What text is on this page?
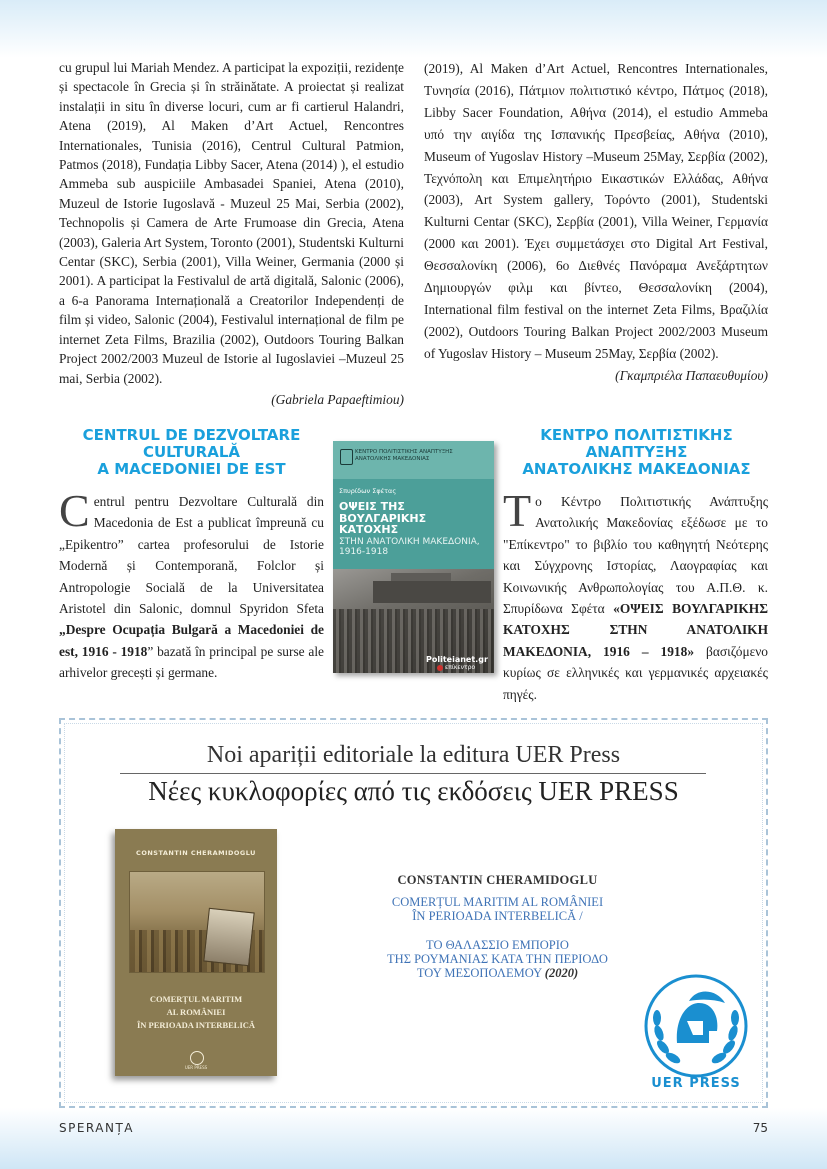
cu grupul lui Mariah Mendez. A participat la expoziții, rezidențe și spectacole în Grecia și în străinătate. A proiectat și realizat instalații in situ în diverse locuri, cum ar fi cartierul Halandri, Atena (2019), Al Maken d’Art Actuel, Rencontres Internationales, Tunisia (2016), Centrul Cultural Patmion, Patmos (2018), Fundația Libby Sacer, Atena (2014) ), el estudio Ammeba sub auspiciile Ambasadei Spaniei, Atena (2010), Muzeul de Istorie Iugoslavă - Muzeul 25 Mai, Serbia (2002), Technopolis și Camera de Arte Frumoase din Grecia, Atena (2003), Galeria Art System, Toronto (2001), Studentski Kulturni Centar (SKC), Serbia (2001), Villa Weiner, Germania (2000 și 2001). A participat la Festivalul de artă digitală, Salonic (2006), a 6-a Panorama Internațională a Creatorilor Independenți de film și video, Salonic (2004), Festivalul internațional de film pe internet Zeta Films, Brazilia (2002), Outdoors Touring Balkan Project 2002/2003 Muzeul de Istorie al Iugoslaviei –Muzeul 25 mai, Serbia (2002).

(Gabriela Papaeftimiou)

(2019), Al Maken d’Art Actuel, Rencontres Internationales, Τυνησία (2016), Πάτμιον πολιτιστικό κέντρο, Πάτμος (2018), Libby Sacer Foundation, Αθήνα (2014), el estudio Ammeba υπό την αιγίδα της Ισπανικής Πρεσβείας, Αθήνα (2010), Museum of Yugoslav History –Museum 25May, Σερβία (2002), Τεχνόπολη και Επιμελητήριο Εικαστικών Ελλάδας, Αθήνα (2003), Art System gallery, Τορόντο (2001), Studentski Kulturni Centar (SKC), Σερβία (2001), Villa Weiner, Γερμανία (2000 και 2001). Έχει συμμετάσχει στο Digital Art Festival, Θεσσαλονίκη (2006), 6ο Διεθνές Πανόραμα Ανεξάρτητων Δημιουργών φιλμ και βίντεο, Θεσσαλονίκη (2004), International film festival on the internet Zeta Films, Βραζιλία (2002), Outdoors Touring Balkan Project 2002/2003 Museum of Yugoslav History – Museum 25May, Σερβία (2002).

(Γκαμπριέλα Παπαευθυμίου)
CENTRUL DE DEZVOLTARE
CULTURALĂ
A MACEDONIEI DE EST
Centrul pentru Dezvoltare Culturală din Macedonia de Est a publicat împreună cu „Epikentro” cartea profesorului de Istorie Modernă și Contemporană, Folclor și Antropologie Socială de la Universitatea Aristotel din Salonic, domnul Spyridon Sfeta „Despre Ocupația Bulgară a Macedoniei de est, 1916 - 1918” bazată în principal pe surse ale arhivelor grecești și germane.
ΚΕΝΤΡΟ ΠΟΛΙΤΙΣΤΙΚΗΣ ΑΝΑΠΤΥΞΗΣ ΑΝΑΤΟΛΙΚΗΣ ΜΑΚΕΔΟΝΙΑΣ
Σπυρίδων Σφέτας
ΟΨΕΙΣ ΤΗΣ ΒΟΥΛΓΑΡΙΚΗΣ ΚΑΤΟΧΗΣ
ΣΤΗΝ ΑΝΑΤΟΛΙΚΗ ΜΑΚΕΔΟΝΙΑ, 1916-1918
Politeianet.gr
επίκεντρο
ΚΕΝΤΡΟ ΠΟΛΙΤΙΣΤΙΚΗΣ
ΑΝΑΠΤΥΞΗΣ
ΑΝΑΤΟΛΙΚΗΣ ΜΑΚΕΔΟΝΙΑΣ
Το Κέντρο Πολιτιστικής Ανάπτυξης Ανατολικής Μακεδονίας εξέδωσε με το "Επίκεντρο" το βιβλίο του καθηγητή Νεότερης και Σύγχρονης Ιστορίας, Λαογραφίας και Κοινωνικής Ανθρωπολογίας του Α.Π.Θ. κ. Σπυρίδωνα Σφέτα «ΟΨΕΙΣ ΒΟΥΛΓΑΡΙΚΗΣ ΚΑΤΟΧΗΣ ΣΤΗΝ ΑΝΑΤΟΛΙΚΗ ΜΑΚΕΔΟΝΙΑ, 1916 – 1918» βασιζόμενο κυρίως σε ελληνικές και γερμανικές αρχειακές πηγές.
Noi apariții editoriale la editura UER Press
Νέες κυκλοφορίες από τις εκδόσεις UER PRESS
CONSTANTIN CHERAMIDOGLU
COMERȚUL MARITIM
AL ROMÂNIEI
ÎN PERIOADA INTERBELICĂ
UER PRESS
CONSTANTIN CHERAMIDOGLU
COMERȚUL MARITIM AL ROMÂNIEI
ÎN PERIOADA INTERBELICĂ /
ΤΟ ΘΑΛΑΣΣΙΟ ΕΜΠΟΡΙΟ
ΤΗΣ ΡΟΥΜΑΝΙΑΣ ΚΑΤΑ ΤΗΝ ΠΕΡΙΟΔΟ
ΤΟΥ ΜΕΣΟΠΟΛΕΜΟΥ (2020)
UER PRESS
SPERANȚA	75
